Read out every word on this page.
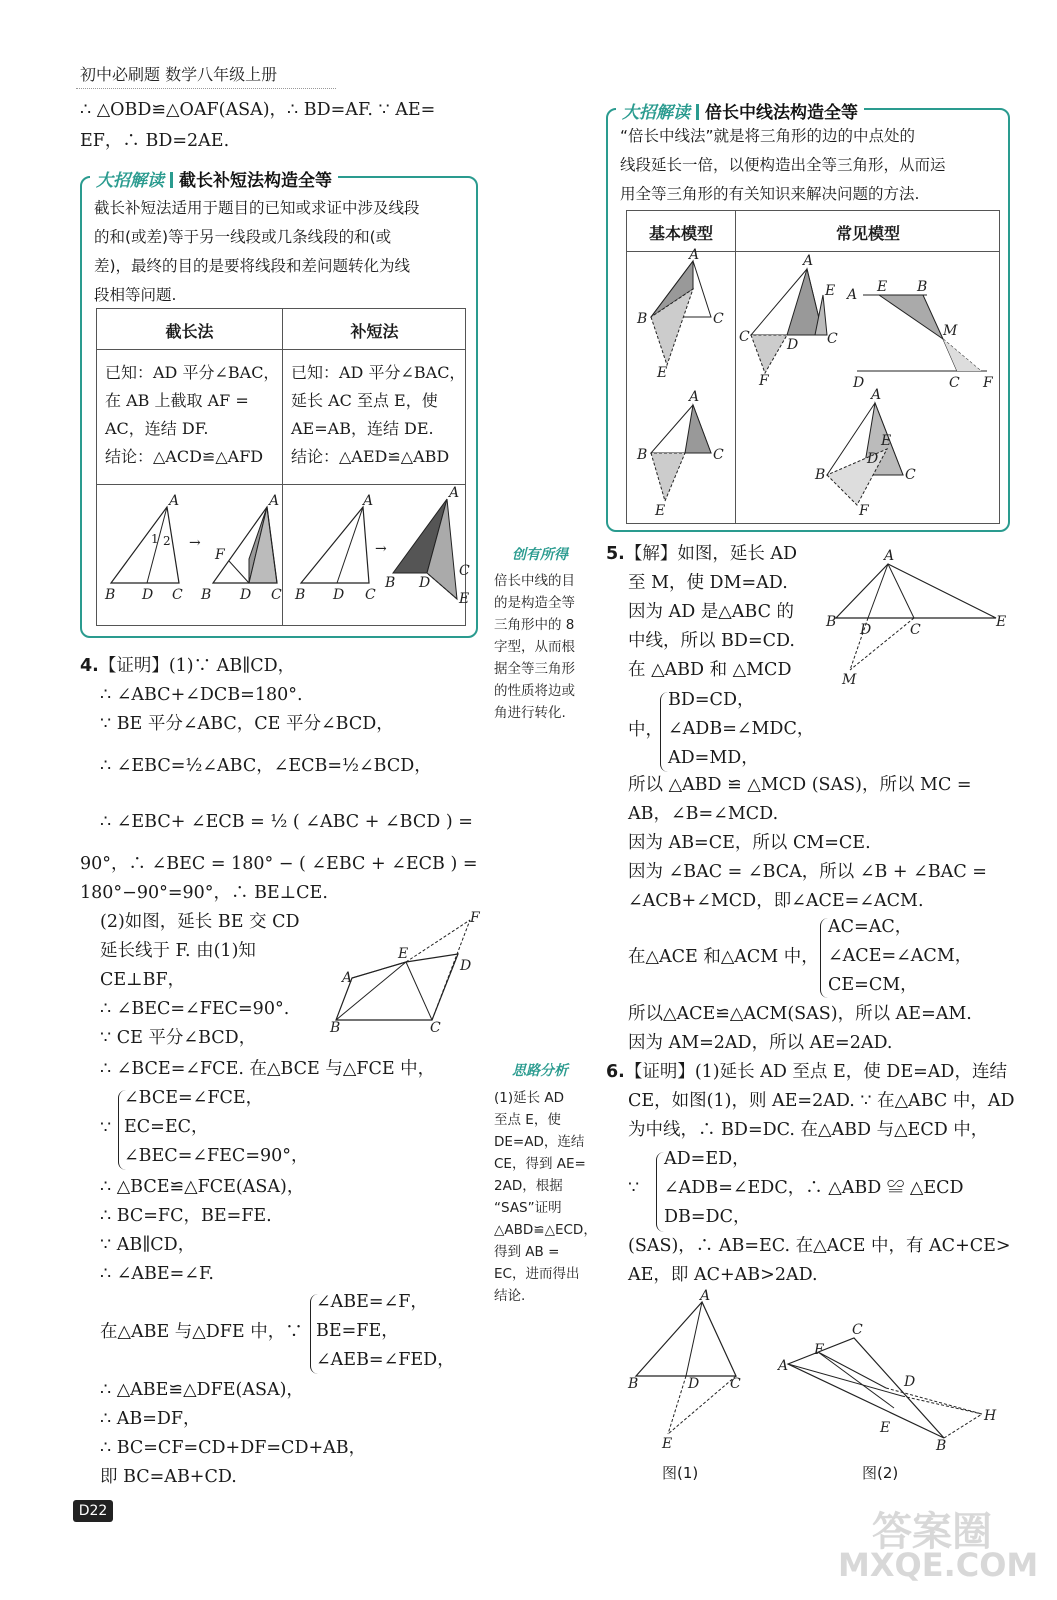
初中必刷题 数学八年级上册
∴ △OBD≌△OAF(ASA)，∴ BD=AF. ∵ AE=
EF，∴ BD=2AE.
大招解读 截长补短法构造全等
截长补短法适用于题目的已知或求证中涉及线段
的和(或差)等于另一线段或几条线段的和(或
差)，最终的目的是要将线段和差问题转化为线
段相等问题.
截长法	补短法
已知：AD 平分∠BAC，
在 AB 上截取 AF =
AC，连结 DF.
结论：△ACD≌△AFD
已知：AD 平分∠BAC，
延长 AC 至点 E，使
AE=AB，连结 DE.
结论：△AED≌△ABD
A
B D C
1 2 →
A
B D C
F
A
B D C
→
A
B D
C
E
大招解读 倍长中线法构造全等
“倍长中线法”就是将三角形的边的中点处的
线段延长一倍，以便构造出全等三角形，从而运
用全等三角形的有关知识来解决问题的方法.
基本模型	常见模型
A
B	C
E
A
B	C
E
A
C	C
D
E
F
A E B
M
D	C F
A
B	C
D
E
F
4.【证明】(1)∵ AB∥CD，
∴ ∠ABC+∠DCB=180°.
∵ BE 平分∠ABC，CE 平分∠BCD，
∴ ∠EBC=½∠ABC，∠ECB=½∠BCD，
∴ ∠EBC+ ∠ECB = ½ ( ∠ABC + ∠BCD ) =
90°，∴ ∠BEC = 180° − ( ∠EBC + ∠ECB ) =
180°−90°=90°，∴ BE⊥CE.
(2)如图，延长 BE 交 CD
延长线于 F. 由(1)知
CE⊥BF，
∴ ∠BEC=∠FEC=90°.
∵ CE 平分∠BCD，
∴ ∠BCE=∠FCE. 在△BCE 与△FCE 中，
∵
∠BCE=∠FCE，
EC=EC，
∠BEC=∠FEC=90°，
∴ △BCE≌△FCE(ASA)，
∴ BC=FC，BE=FE.
∵ AB∥CD，
∴ ∠ABE=∠F.
在△ABE 与△DFE 中，∵
∠ABE=∠F，
BE=FE，
∠AEB=∠FED，
∴ △ABE≌△DFE(ASA)，
∴ AB=DF，
∴ BC=CF=CD+DF=CD+AB，
即 BC=AB+CD.
A
B	C
D
E
F
创有所得
倍长中线的目
的是构造全等
三角形中的 8
字型，从而根
据全等三角形
的性质将边或
角进行转化.
5.【解】如图，延长 AD
至 M，使 DM=AD.
因为 AD 是△ABC 的
中线，所以 BD=CD.
在 △ABD 和 △MCD
中，
BD=CD，
∠ADB=∠MDC，
AD=MD，
所以 △ABD ≌ △MCD (SAS)，所以 MC =
AB，∠B=∠MCD.
因为 AB=CE，所以 CM=CE.
因为 ∠BAC = ∠BCA，所以 ∠B + ∠BAC =
∠ACB+∠MCD，即∠ACE=∠ACM.
在△ACE 和△ACM 中，
AC=AC，
∠ACE=∠ACM，
CE=CM，
所以△ACE≌△ACM(SAS)，所以 AE=AM.
因为 AM=2AD，所以 AE=2AD.
A
B	C
D	E
M
思路分析
(1)延长 AD
至点 E，使
DE=AD，连结
CE，得到 AE=
2AD，根据
“SAS”证明
△ABD≌△ECD，
得到 AB =
EC，进而得出
结论.
6.【证明】(1)延长 AD 至点 E，使 DE=AD，连结
CE，如图(1)，则 AE=2AD. ∵ 在△ABC 中，AD
为中线，∴ BD=DC. 在△ABD 与△ECD 中，
AD=ED，
∵ ∠ADB=∠EDC，∴ △ABD ≌ △ECD
DB=DC，
(SAS)，∴ AB=EC. 在△ACE 中，有 AC+CE>
AE，即 AC+AB>2AD.
A
B	D C
E
A
C
F
D
E
B
H
图(1)	图(2)
D22	答案圈
MXQE.COM
